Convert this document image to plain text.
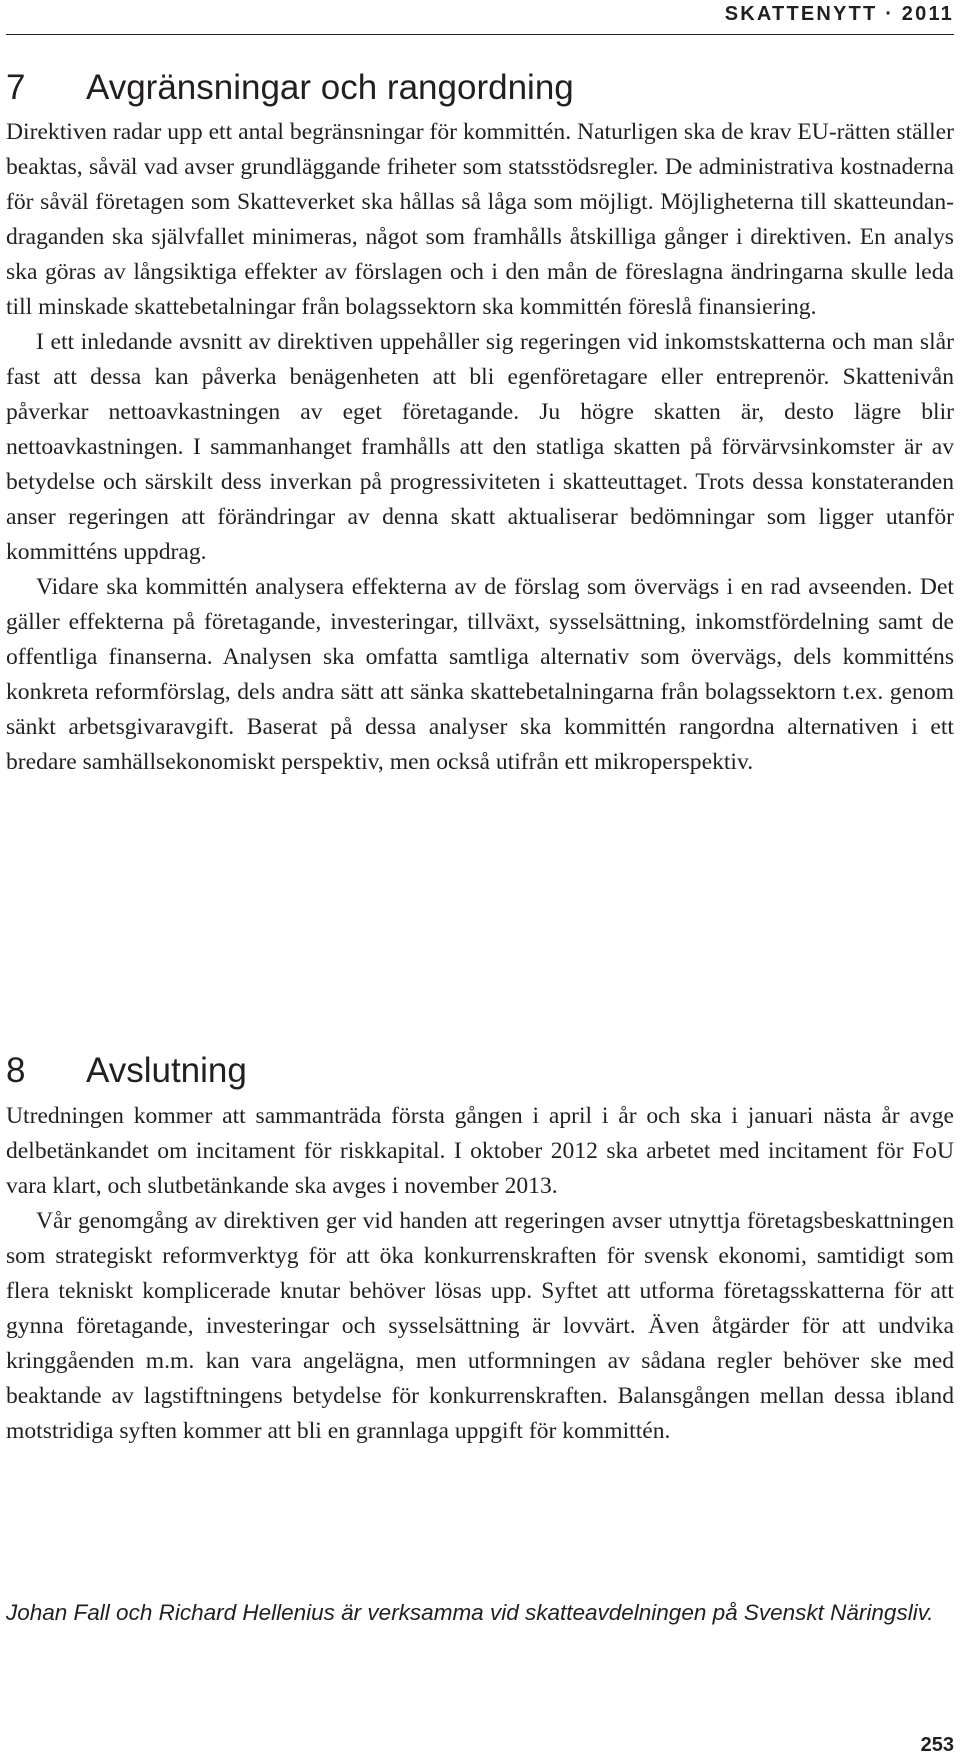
SKATTENYTT · 2011
7 Avgränsningar och rangordning

Direktiven radar upp ett antal begränsningar för kommittén. Naturligen ska de krav EU-rätten ställer beaktas, såväl vad avser grundläggande friheter som statsstödsregler. De administrativa kostnaderna för såväl företagen som Skatteverket ska hållas så låga som möjligt. Möjligheterna till skatteundandraganden ska självfallet minimeras, något som framhålls åtskilliga gånger i direktiven. En analys ska göras av långsiktiga effekter av förslagen och i den mån de föreslagna ändringarna skulle leda till minskade skattebetalningar från bolagssektorn ska kommittén föreslå finansiering.

I ett inledande avsnitt av direktiven uppehåller sig regeringen vid inkomstskatterna och man slår fast att dessa kan påverka benägenheten att bli egenföretagare eller entreprenör. Skattenivån påverkar nettoavkastningen av eget företagande. Ju högre skatten är, desto lägre blir nettoavkastningen. I sammanhanget framhålls att den statliga skatten på förvärvsinkomster är av betydelse och särskilt dess inverkan på progressiviteten i skatteuttaget. Trots dessa konstateranden anser regeringen att förändringar av denna skatt aktualiserar bedömningar som ligger utanför kommitténs uppdrag.

Vidare ska kommittén analysera effekterna av de förslag som övervägs i en rad avseenden. Det gäller effekterna på företagande, investeringar, tillväxt, sysselsättning, inkomstfördelning samt de offentliga finanserna. Analysen ska omfatta samtliga alternativ som övervägs, dels kommitténs konkreta reformförslag, dels andra sätt att sänka skattebetalningarna från bolagssektorn t.ex. genom sänkt arbetsgivaravgift. Baserat på dessa analyser ska kommittén rangordna alternativen i ett bredare samhällsekonomiskt perspektiv, men också utifrån ett mikroperspektiv.

8 Avslutning

Utredningen kommer att sammanträda första gången i april i år och ska i januari nästa år avge delbetänkandet om incitament för riskkapital. I oktober 2012 ska arbetet med incitament för FoU vara klart, och slutbetänkande ska avges i november 2013.

Vår genomgång av direktiven ger vid handen att regeringen avser utnyttja företagsbeskattningen som strategiskt reformverktyg för att öka konkurrenskraften för svensk ekonomi, samtidigt som flera tekniskt komplicerade knutar behöver lösas upp. Syftet att utforma företagsskatterna för att gynna företagande, investeringar och sysselsättning är lovvärt. Även åtgärder för att undvika kringgåenden m.m. kan vara angelägna, men utformningen av sådana regler behöver ske med beaktande av lagstiftningens betydelse för konkurrenskraften. Balansgången mellan dessa ibland motstridiga syften kommer att bli en grannlaga uppgift för kommittén.

Johan Fall och Richard Hellenius är verksamma vid skatteavdelningen på Svenskt Näringsliv.

253
